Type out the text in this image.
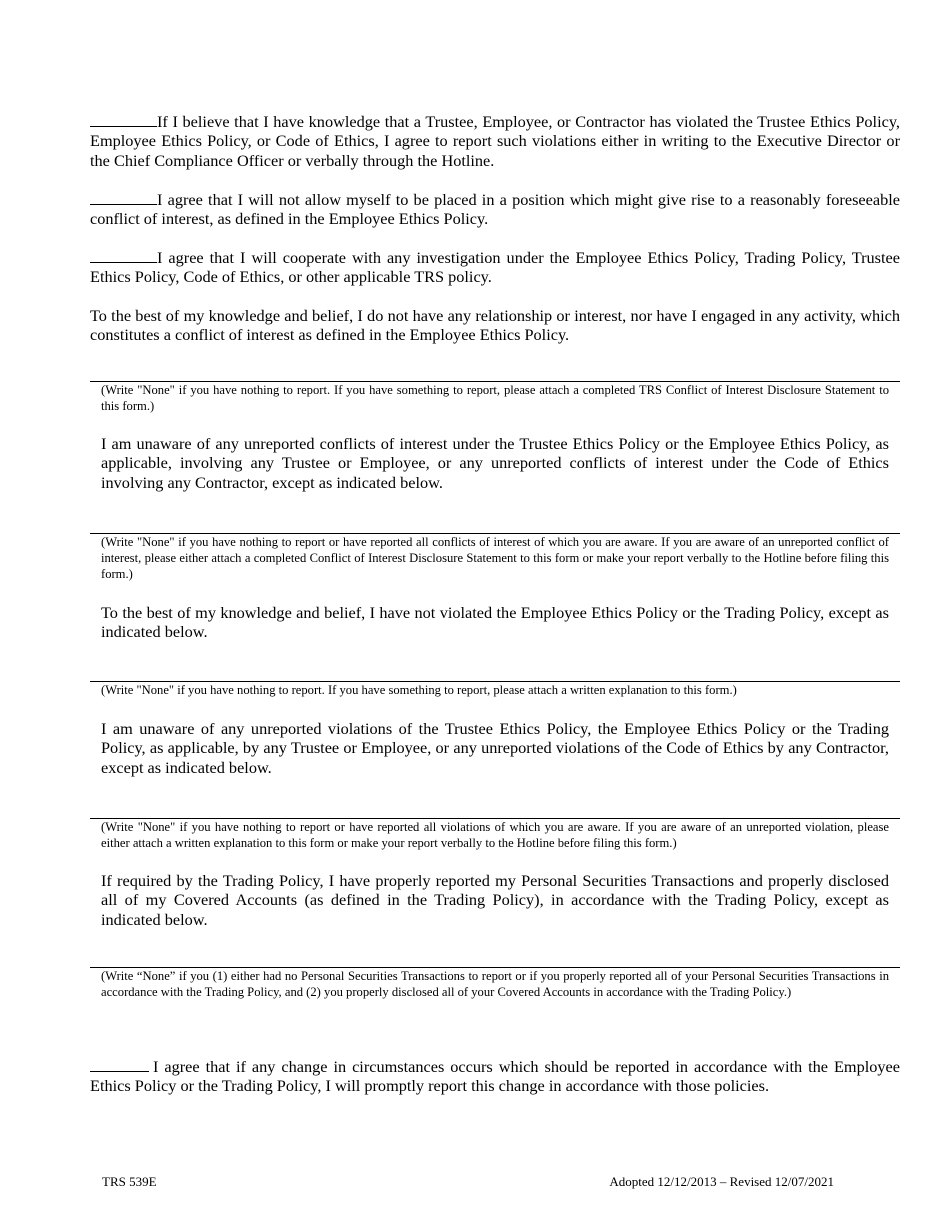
If I believe that I have knowledge that a Trustee, Employee, or Contractor has violated the Trustee Ethics Policy, Employee Ethics Policy, or Code of Ethics, I agree to report such violations either in writing to the Executive Director or the Chief Compliance Officer or verbally through the Hotline.
I agree that I will not allow myself to be placed in a position which might give rise to a reasonably foreseeable conflict of interest, as defined in the Employee Ethics Policy.
I agree that I will cooperate with any investigation under the Employee Ethics Policy, Trading Policy, Trustee Ethics Policy, Code of Ethics, or other applicable TRS policy.
To the best of my knowledge and belief, I do not have any relationship or interest, nor have I engaged in any activity, which constitutes a conflict of interest as defined in the Employee Ethics Policy.
(Write "None" if you have nothing to report. If you have something to report, please attach a completed TRS Conflict of Interest Disclosure Statement to this form.)
I am unaware of any unreported conflicts of interest under the Trustee Ethics Policy or the Employee Ethics Policy, as applicable, involving any Trustee or Employee, or any unreported conflicts of interest under the Code of Ethics involving any Contractor, except as indicated below.
(Write "None" if you have nothing to report or have reported all conflicts of interest of which you are aware. If you are aware of an unreported conflict of interest, please either attach a completed Conflict of Interest Disclosure Statement to this form or make your report verbally to the Hotline before filing this form.)
To the best of my knowledge and belief, I have not violated the Employee Ethics Policy or the Trading Policy, except as indicated below.
(Write "None" if you have nothing to report. If you have something to report, please attach a written explanation to this form.)
I am unaware of any unreported violations of the Trustee Ethics Policy, the Employee Ethics Policy or the Trading Policy, as applicable, by any Trustee or Employee, or any unreported violations of the Code of Ethics by any Contractor, except as indicated below.
(Write "None" if you have nothing to report or have reported all violations of which you are aware. If you are aware of an unreported violation, please either attach a written explanation to this form or make your report verbally to the Hotline before filing this form.)
If required by the Trading Policy, I have properly reported my Personal Securities Transactions and properly disclosed all of my Covered Accounts (as defined in the Trading Policy), in accordance with the Trading Policy, except as indicated below.
(Write “None” if you (1) either had no Personal Securities Transactions to report or if you properly reported all of your Personal Securities Transactions in accordance with the Trading Policy, and (2) you properly disclosed all of your Covered Accounts in accordance with the Trading Policy.)
I agree that if any change in circumstances occurs which should be reported in accordance with the Employee Ethics Policy or the Trading Policy, I will promptly report this change in accordance with those policies.
TRS 539E	Adopted 12/12/2013 – Revised 12/07/2021
